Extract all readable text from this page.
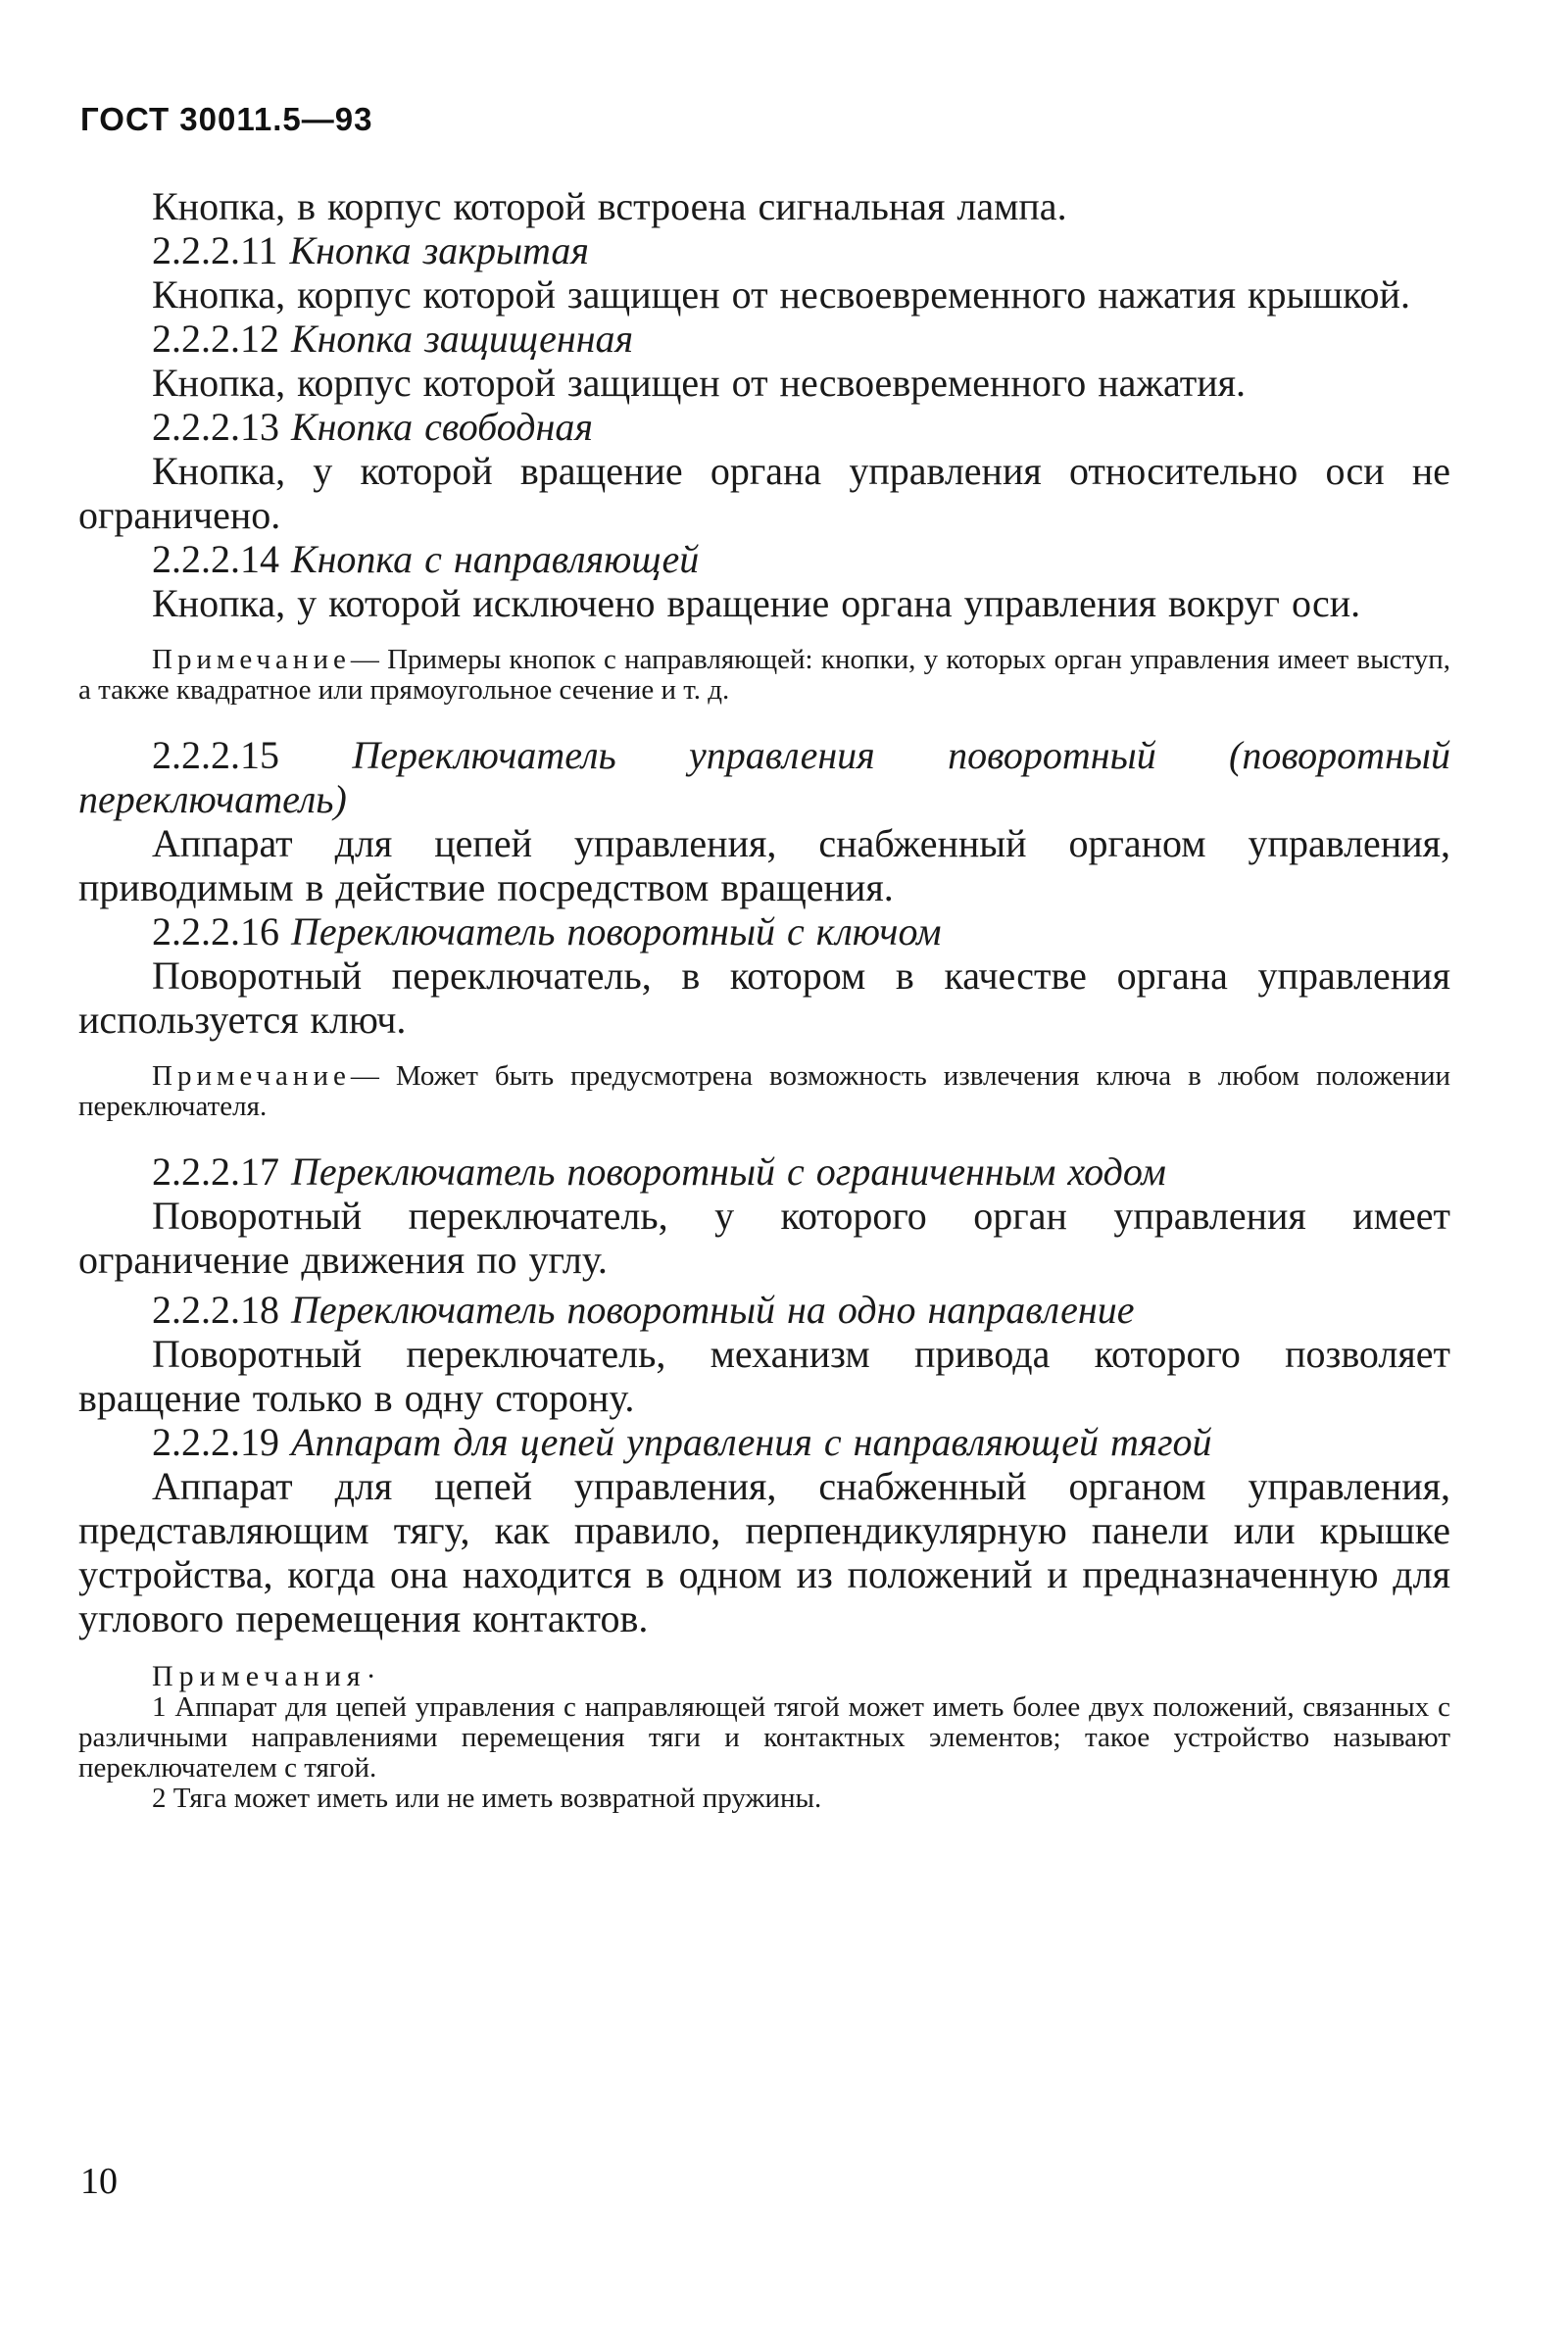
ГОСТ 30011.5—93

Кнопка, в корпус которой встроена сигнальная лампа.

2.2.2.11 Кнопка закрытая

Кнопка, корпус которой защищен от несвоевременного нажатия крышкой.

2.2.2.12 Кнопка защищенная

Кнопка, корпус которой защищен от несвоевременного нажатия.

2.2.2.13 Кнопка свободная

Кнопка, у которой вращение органа управления относительно оси не ограничено.

2.2.2.14 Кнопка с направляющей

Кнопка, у которой исключено вращение органа управления вокруг оси.

Примечание— Примеры кнопок с направляющей: кнопки, у которых орган управления имеет выступ, а также квадратное или прямоугольное сечение и т. д.

2.2.2.15 Переключатель управления поворотный (поворотный переключатель)

Аппарат для цепей управления, снабженный органом управления, приводимым в действие посредством вращения.

2.2.2.16 Переключатель поворотный с ключом

Поворотный переключатель, в котором в качестве органа управления используется ключ.

Примечание— Может быть предусмотрена возможность извлечения ключа в любом положении переключателя.

2.2.2.17 Переключатель поворотный с ограниченным ходом

Поворотный переключатель, у которого орган управления имеет ограничение движения по углу.

2.2.2.18 Переключатель поворотный на одно направление

Поворотный переключатель, механизм привода которого позволяет вращение только в одну сторону.

2.2.2.19 Аппарат для цепей управления с направляющей тягой

Аппарат для цепей управления, снабженный органом управления, представляющим тягу, как правило, перпендикулярную панели или крышке устройства, когда она находится в одном из положений и предназначенную для углового перемещения контактов.

Примечания·

1 Аппарат для цепей управления с направляющей тягой может иметь более двух положений, связанных с различными направлениями перемещения тяги и контактных элементов; такое устройство называют переключателем с тягой.

2 Тяга может иметь или не иметь возвратной пружины.

10
